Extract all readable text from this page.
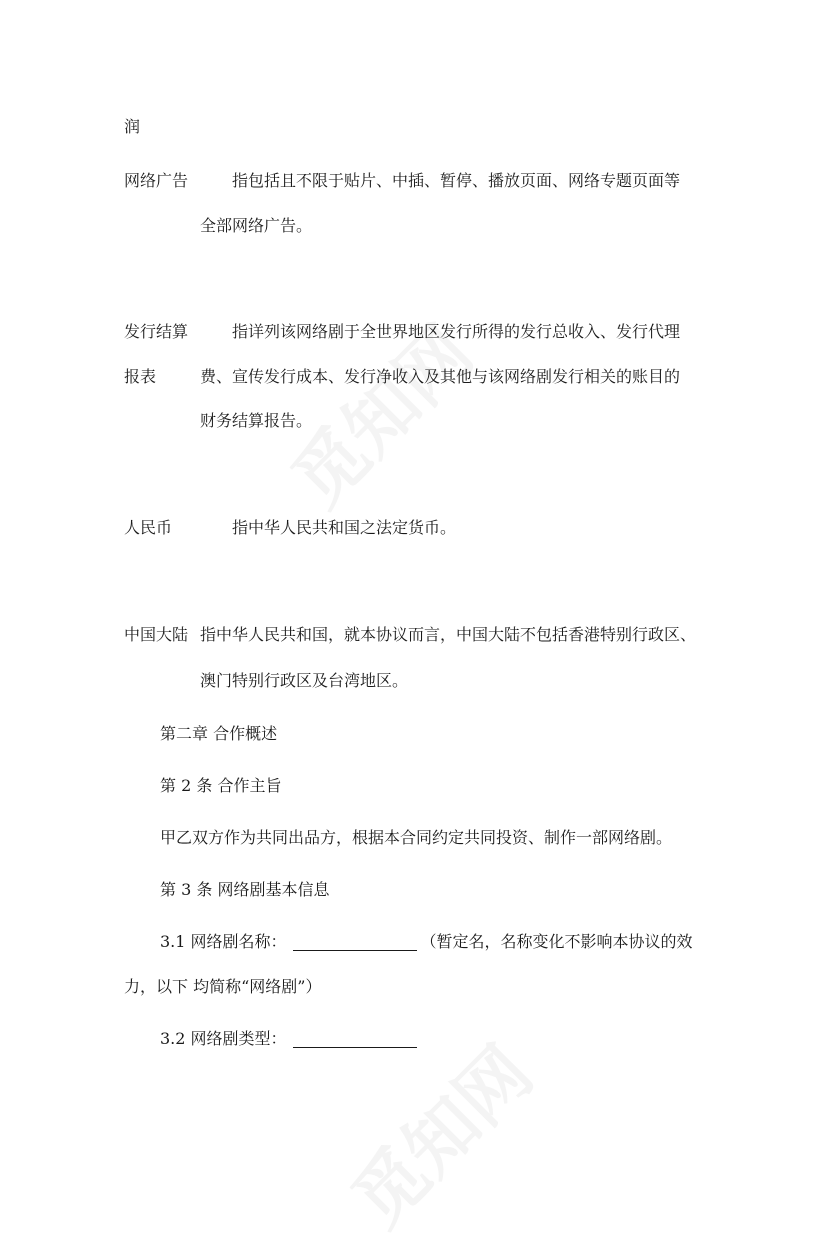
润
网络广告	指包括且不限于贴片、中插、暂停、播放页面、网络专题页面等
全部网络广告。
发行结算	指详列该网络剧于全世界地区发行所得的发行总收入、发行代理
报表	费、宣传发行成本、发行净收入及其他与该网络剧发行相关的账目的
财务结算报告。
人民币	指中华人民共和国之法定货币。
中国大陆 指中华人民共和国，就本协议而言，中国大陆不包括香港特别行政区、
澳门特别行政区及台湾地区。
第二章 合作概述
第 2 条 合作主旨
甲乙双方作为共同出品方，根据本合同约定共同投资、制作一部网络剧。
第 3 条 网络剧基本信息
3.1 网络剧名称：	（暂定名，名称变化不影响本协议的效
力，以下 均简称“网络剧”）
3.2 网络剧类型：
